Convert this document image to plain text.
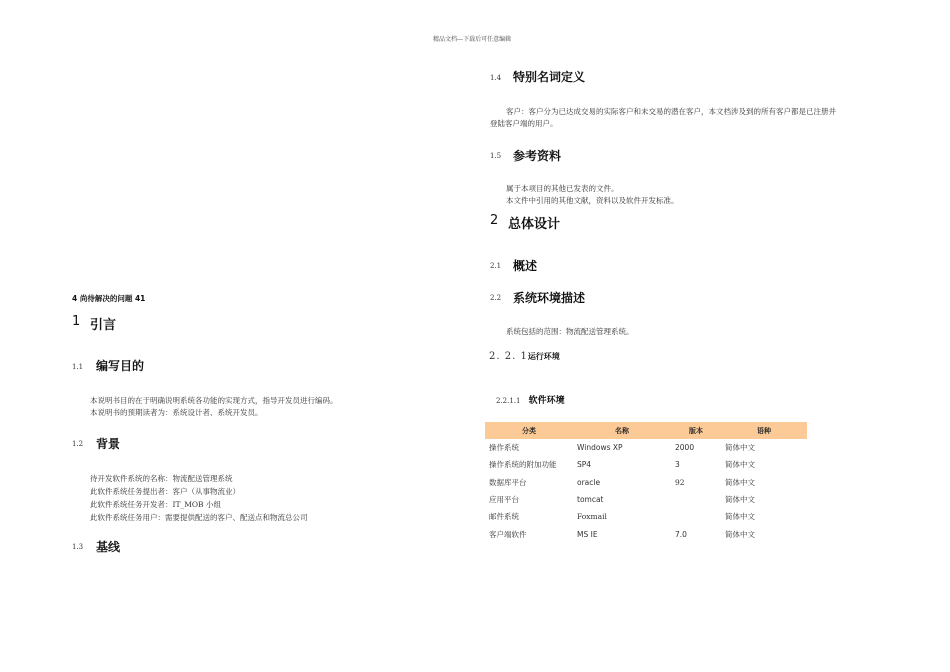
精品文档---下载后可任意编辑
4 尚待解决的问题 41
1 引言
1.1 编写目的
本说明书目的在于明确说明系统各功能的实现方式，指导开发员进行编码。
本说明书的预期读者为：系统设计者、系统开发员。
1.2 背景
待开发软件系统的名称：物流配送管理系统
此软件系统任务提出者：客户（从事物流业）
此软件系统任务开发者：IT_MOB 小组
此软件系统任务用户：需要提供配送的客户、配送点和物流总公司
1.3 基线
1.4 特别名词定义
客户：客户分为已达成交易的实际客户和未交易的潜在客户，本文档涉及到的所有客户都是已注册并
登陆客户端的用户。
1.5 参考资料
属于本项目的其他已发表的文件。
本文件中引用的其他文献，资料以及软件开发标准。
2 总体设计
2.1 概述
2.2 系统环境描述
系统包括的范围：物流配送管理系统。
2. 2. 1运行环境
2.2.1.1 软件环境
分类	名称	版本	语种
操作系统	Windows XP	2000	简体中文
操作系统的附加功能	SP4	3	简体中文
数据库平台	oracle	92	简体中文
应用平台	tomcat		简体中文
邮件系统	Foxmail		简体中文
客户端软件	MS IE	7.0	简体中文
